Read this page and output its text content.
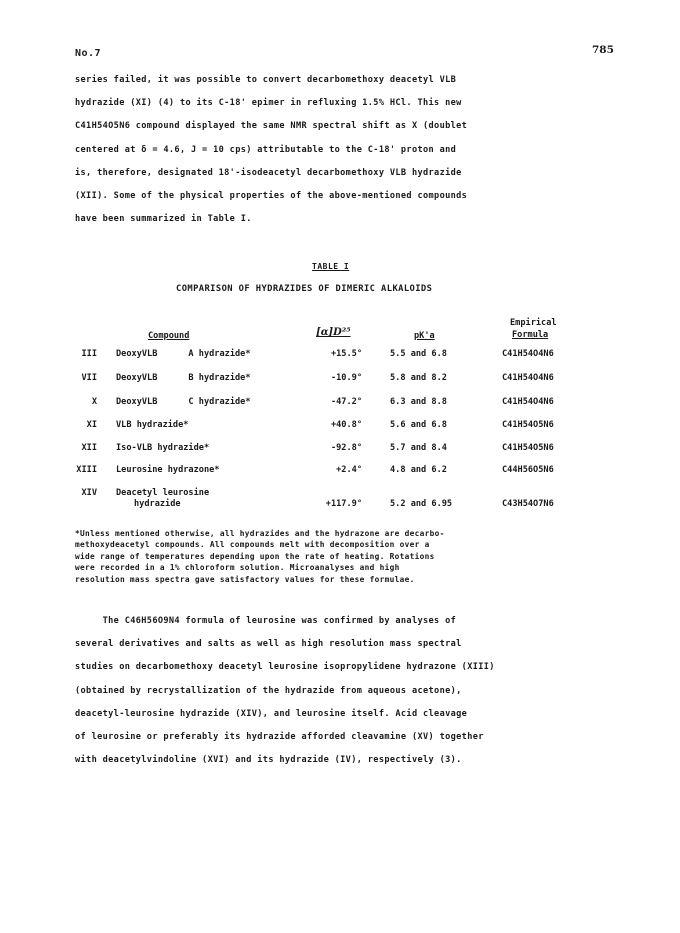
No.7	785
series failed, it was possible to convert decarbomethoxy deacetyl VLB
hydrazide (XI) (4) to its C-18' epimer in refluxing 1.5% HCl. This new
C41H54O5N6 compound displayed the same NMR spectral shift as X (doublet
centered at δ = 4.6, J = 10 cps) attributable to the C-18' proton and
is, therefore, designated 18'-isodeacetyl decarbomethoxy VLB hydrazide
(XII). Some of the physical properties of the above-mentioned compounds
have been summarized in Table I.
TABLE I
COMPARISON OF HYDRAZIDES OF DIMERIC ALKALOIDS
Compound	[α]D²⁵	pK'a
Empirical
Formula
III DeoxyVLB      A hydrazide*	+15.5°	5.5 and 6.8	C41H54O4N6
VII DeoxyVLB      B hydrazide*	-10.9°	5.8 and 8.2	C41H54O4N6
X DeoxyVLB      C hydrazide*	-47.2°	6.3 and 8.8	C41H54O4N6
XI VLB hydrazide*	+40.8°	5.6 and 6.8	C41H54O5N6
XII Iso-VLB hydrazide*	-92.8°	5.7 and 8.4	C41H54O5N6
XIII Leurosine hydrazone*	+2.4°	4.8 and 6.2	C44H56O5N6
XIV Deacetyl leurosine
hydrazide	+117.9°	5.2 and 6.95	C43H54O7N6
*Unless mentioned otherwise, all hydrazides and the hydrazone are decarbo-
methoxydeacetyl compounds. All compounds melt with decomposition over a
wide range of temperatures depending upon the rate of heating. Rotations
were recorded in a 1% chloroform solution. Microanalyses and high
resolution mass spectra gave satisfactory values for these formulae.
The C46H56O9N4 formula of leurosine was confirmed by analyses of
several derivatives and salts as well as high resolution mass spectral
studies on decarbomethoxy deacetyl leurosine isopropylidene hydrazone (XIII)
(obtained by recrystallization of the hydrazide from aqueous acetone),
deacetyl-leurosine hydrazide (XIV), and leurosine itself. Acid cleavage
of leurosine or preferably its hydrazide afforded cleavamine (XV) together
with deacetylvindoline (XVI) and its hydrazide (IV), respectively (3).
